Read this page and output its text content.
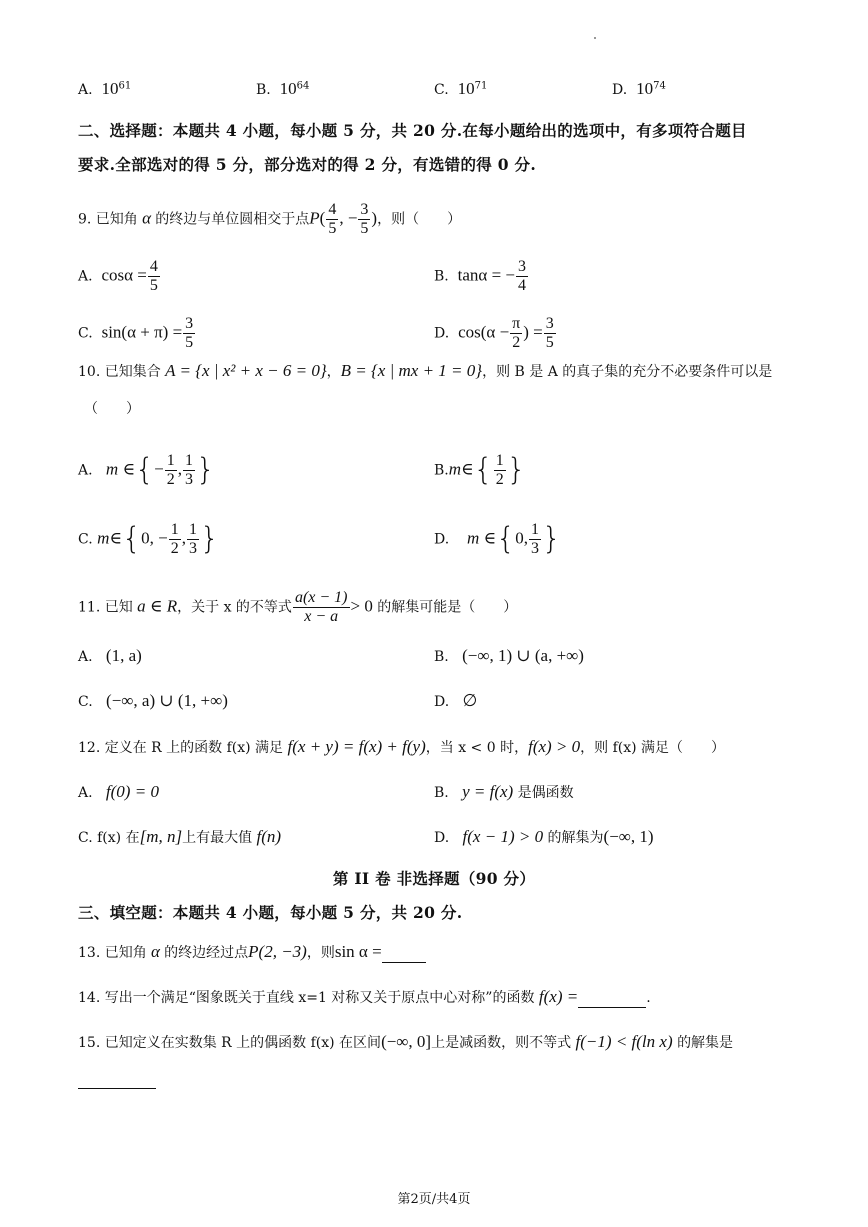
A. $10^{61}$	B. $10^{64}$	C. $10^{71}$	D. $10^{74}$
二、选择题：本题共 4 小题，每小题 5 分，共 20 分.在每小题给出的选项中，有多项符合题目
要求.全部选对的得 5 分，部分选对的得 2 分，有选错的得 0 分.
9. 已知角 α 的终边与单位圆相交于点$P( \frac{4}{5}$ , − $\frac{3}{5}$ )，则（　　）
A. $\cos\alpha = \frac{4}{5}$	B. tanα = − $\frac{3}{4}$
C. $\sin(\alpha + \pi) = \frac{3}{5}$	D. $\cos(\alpha - \frac{\pi}{2}$ ) = $\frac{3}{5}$
10. 已知集合 A = {x | x² + x − 6 = 0}，B = {x | mx + 1 = 0}，则 B 是 A 的真子集的充分不必要条件可以是
（　　）
A. m ∈{− $\frac{1}{2}$ , $\frac{1}{3}$ }	B.m∈{ $\frac{1}{2}$ }
C. m∈{0, − $\frac{1}{2}$ , $\frac{1}{3}$ }	D. m ∈{0, $\frac{1}{3}$ }
11. 已知 a ∈ R，关于 x 的不等式 $\frac{a(x - 1)}{x - a} > 0$ 的解集可能是（　　）
A. (1, a)	B. (−∞, 1) ∪ (a, +∞)
C. (−∞, a) ∪ (1, +∞)	D. ∅
12. 定义在 R 上的函数 f(x) 满足 f(x + y) = f(x) + f(y)，当 x < 0 时，f(x) > 0，则 f(x) 满足（　　）
A. f(0) = 0	B. y = f(x) 是偶函数
C. f(x) 在[m, n]上有最大值 f(n)	D. f(x − 1) > 0 的解集为(−∞, 1)
第 II 卷 非选择题（90 分）
三、填空题：本题共 4 小题，每小题 5 分，共 20 分.
13. 已知角 α 的终边经过点P(2, −3)，则sin α =
14. 写出一个满足“图象既关于直线 x=1 对称又关于原点中心对称”的函数 f(x) =	.
15. 已知定义在实数集 R 上的偶函数 f(x) 在区间(−∞, 0]上是减函数，则不等式 f(−1) < f(ln x) 的解集是
第2页/共4页
